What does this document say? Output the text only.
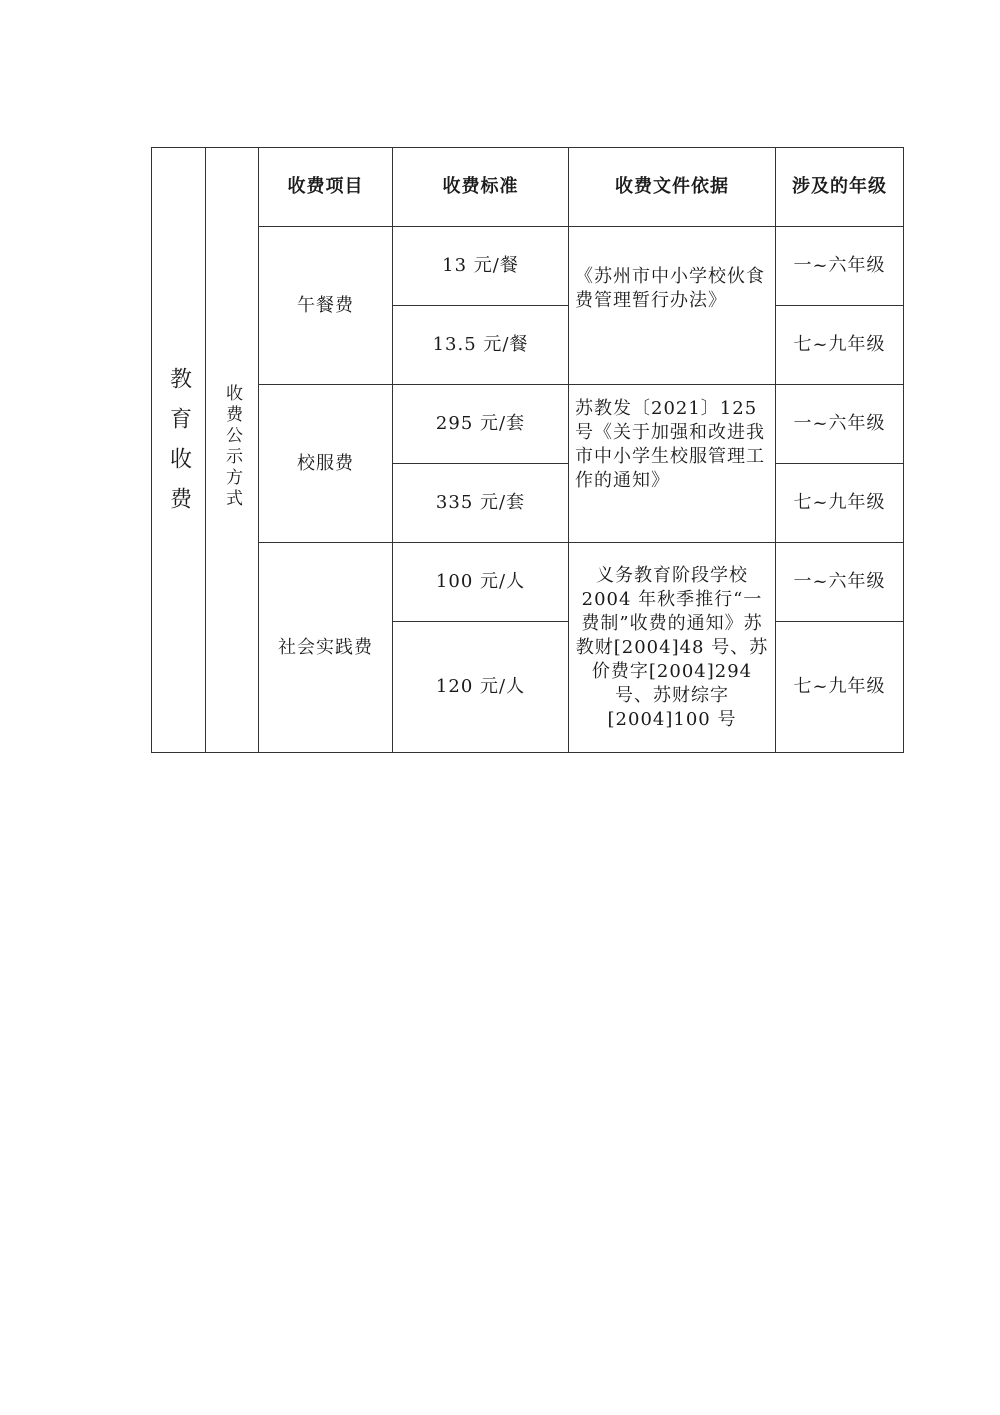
教育收费	收费公示方式	收费项目	收费标准	收费文件依据	涉及的年级
		午餐费	13 元/餐	《苏州市中小学校伙食费管理暂行办法》	一~六年级
			13.5 元/餐		七~九年级
		校服费	295 元/套	苏教发〔2021〕125 号《关于加强和改进我市中小学生校服管理工作的通知》	一~六年级
			335 元/套		七~九年级
		社会实践费	100 元/人	义务教育阶段学校 2004 年秋季推行“一费制”收费的通知》苏教财[2004]48 号、苏价费字[2004]294 号、苏财综字[2004]100 号	一~六年级
			120 元/人		七~九年级
